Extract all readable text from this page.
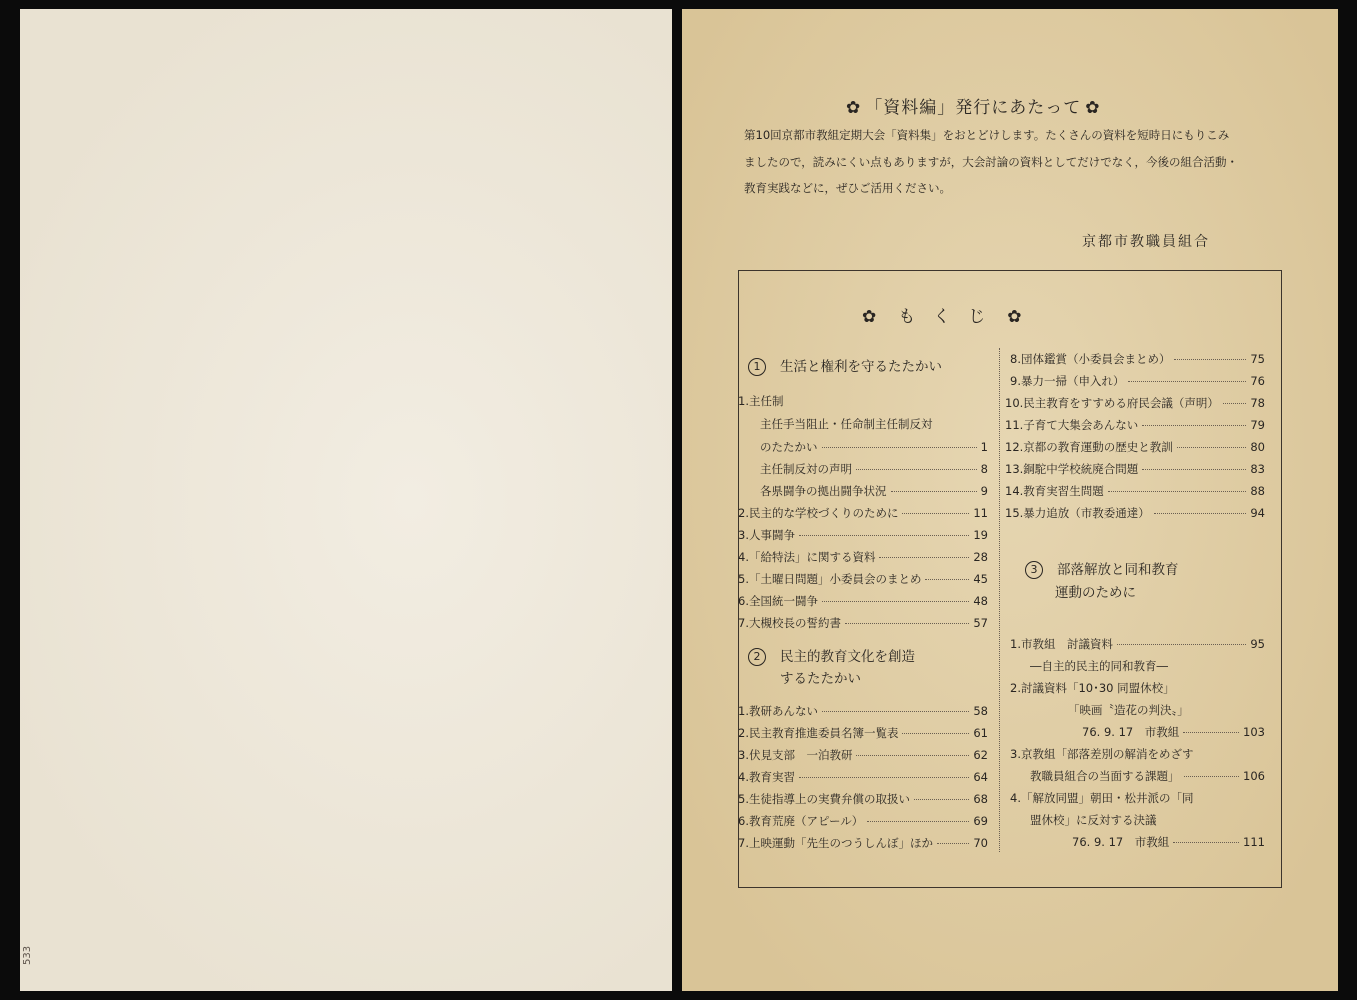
533
✿ 「資料編」発行にあたって ✿
第10回京都市教組定期大会「資料集」をおとどけします。たくさんの資料を短時日にもりこみ
ましたので，読みにくい点もありますが，大会討論の資料としてだけでなく，今後の組合活動・
教育実践などに，ぜひご活用ください。
京都市教職員組合
✿ もくじ ✿
1 生活と権利を守るたたかい
1.主任制
主任手当阻止・任命制主任制反対
のたたかい	1
主任制反対の声明	8
各県闘争の拠出闘争状況	9
2.民主的な学校づくりのために	11
3.人事闘争	19
4.「給特法」に関する資料	28
5.「土曜日問題」小委員会のまとめ	45
6.全国統一闘争	48
7.大槻校長の誓約書	57
2 民主的教育文化を創造
するたたかい
1.教研あんない	58
2.民主教育推進委員名簿一覧表	61
3.伏見支部　一泊教研	62
4.教育実習	64
5.生徒指導上の実費弁償の取扱い	68
6.教育荒廃（アピール）	69
7.上映運動「先生のつうしんぼ」ほか	70
8.団体鑑賞（小委員会まとめ）	75
9.暴力一掃（申入れ）	76
10.民主教育をすすめる府民会議（声明）	78
11.子育て大集会あんない	79
12.京都の教育運動の歴史と教訓	80
13.銅駝中学校統廃合問題	83
14.教育実習生問題	88
15.暴力追放（市教委通達）	94
3 部落解放と同和教育
運動のために
1.市教組　討議資料	95
―自主的民主的同和教育―
2.討議資料「10･30 同盟休校」
「映画〝造花の判決〟」
76. 9. 17　市教組	103
3.京教組「部落差別の解消をめざす
教職員組合の当面する課題」	106
4.「解放同盟」朝田・松井派の「同
盟休校」に反対する決議
76. 9. 17　市教組	111
